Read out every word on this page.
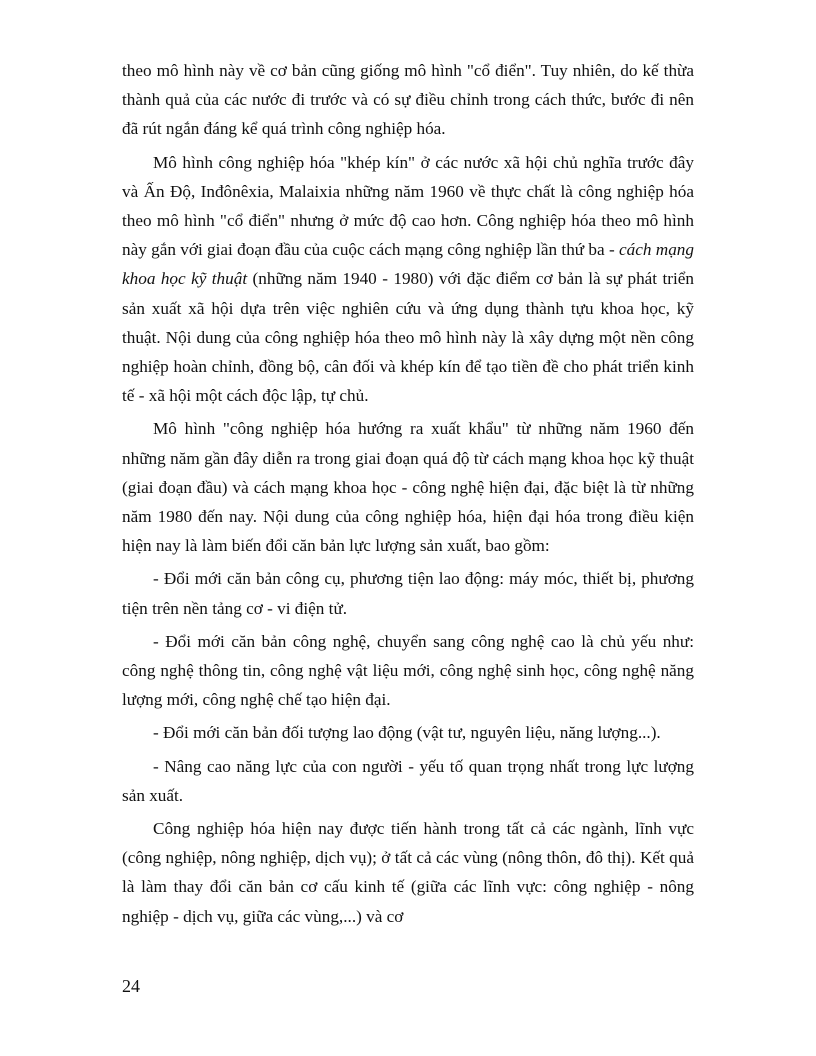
theo mô hình này về cơ bản cũng giống mô hình "cổ điển". Tuy nhiên, do kế thừa thành quả của các nước đi trước và có sự điều chỉnh trong cách thức, bước đi nên đã rút ngắn đáng kể quá trình công nghiệp hóa.

Mô hình công nghiệp hóa "khép kín" ở các nước xã hội chủ nghĩa trước đây và Ấn Độ, Inđônêxia, Malaixia những năm 1960 về thực chất là công nghiệp hóa theo mô hình "cổ điển" nhưng ở mức độ cao hơn. Công nghiệp hóa theo mô hình này gắn với giai đoạn đầu của cuộc cách mạng công nghiệp lần thứ ba - cách mạng khoa học kỹ thuật (những năm 1940 - 1980) với đặc điểm cơ bản là sự phát triển sản xuất xã hội dựa trên việc nghiên cứu và ứng dụng thành tựu khoa học, kỹ thuật. Nội dung của công nghiệp hóa theo mô hình này là xây dựng một nền công nghiệp hoàn chỉnh, đồng bộ, cân đối và khép kín để tạo tiền đề cho phát triển kinh tế - xã hội một cách độc lập, tự chủ.

Mô hình "công nghiệp hóa hướng ra xuất khẩu" từ những năm 1960 đến những năm gần đây diễn ra trong giai đoạn quá độ từ cách mạng khoa học kỹ thuật (giai đoạn đầu) và cách mạng khoa học - công nghệ hiện đại, đặc biệt là từ những năm 1980 đến nay. Nội dung của công nghiệp hóa, hiện đại hóa trong điều kiện hiện nay là làm biến đổi căn bản lực lượng sản xuất, bao gồm:

- Đổi mới căn bản công cụ, phương tiện lao động: máy móc, thiết bị, phương tiện trên nền tảng cơ - vi điện tử.

- Đổi mới căn bản công nghệ, chuyển sang công nghệ cao là chủ yếu như: công nghệ thông tin, công nghệ vật liệu mới, công nghệ sinh học, công nghệ năng lượng mới, công nghệ chế tạo hiện đại.

- Đổi mới căn bản đối tượng lao động (vật tư, nguyên liệu, năng lượng...).

- Nâng cao năng lực của con người - yếu tố quan trọng nhất trong lực lượng sản xuất.

Công nghiệp hóa hiện nay được tiến hành trong tất cả các ngành, lĩnh vực (công nghiệp, nông nghiệp, dịch vụ); ở tất cả các vùng (nông thôn, đô thị). Kết quả là làm thay đổi căn bản cơ cấu kinh tế (giữa các lĩnh vực: công nghiệp - nông nghiệp - dịch vụ, giữa các vùng,...) và cơ

24
